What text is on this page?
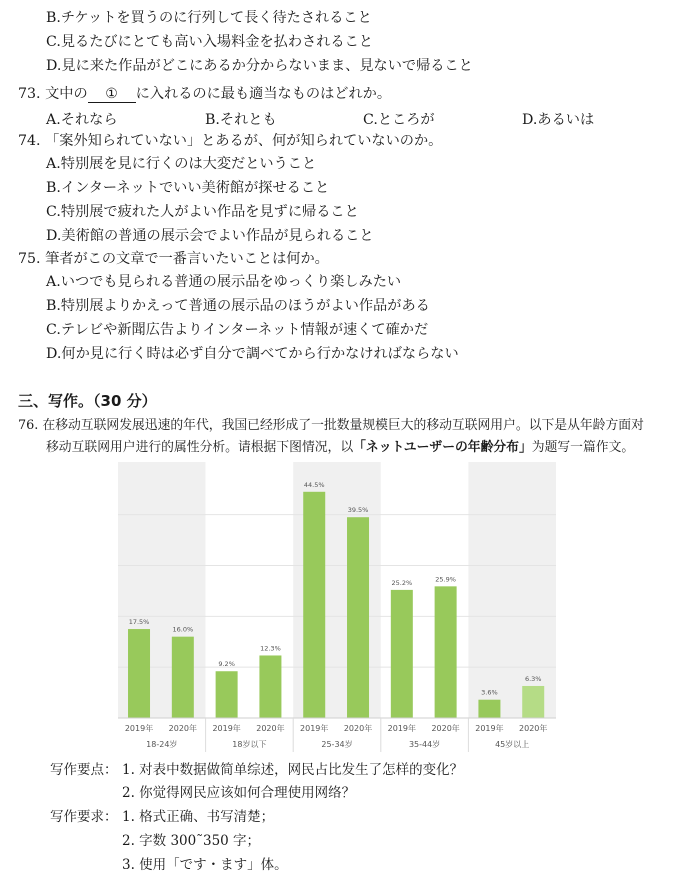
B.チケットを買うのに行列して長く待たされること
C.見るたびにとても高い入場料金を払わされること
D.見に来た作品がどこにあるか分からないまま、見ないで帰ること
73. 文中の ① に入れるのに最も適当なものはどれか。
A.それなら	B.それとも	C.ところが	D.あるいは
74. 「案外知られていない」とあるが、何が知られていないのか。
A.特別展を見に行くのは大変だということ
B.インターネットでいい美術館が探せること
C.特別展で疲れた人がよい作品を見ずに帰ること
D.美術館の普通の展示会でよい作品が見られること
75. 筆者がこの文章で一番言いたいことは何か。
A.いつでも見られる普通の展示品をゆっくり楽しみたい
B.特別展よりかえって普通の展示品のほうがよい作品がある
C.テレビや新聞広告よりインターネット情報が速くて確かだ
D.何か見に行く時は必ず自分で調べてから行かなければならない
三、写作。（30 分）
76. 在移动互联网发展迅速的年代，我国已经形成了一批数量规模巨大的移动互联网用户。以下是从年龄方面对
移动互联网用户进行的属性分析。请根据下图情况，以「ネットユーザーの年齢分布」为题写一篇作文。
17.5%
2019年
16.0%
2020年
18-24岁
9.2%
2019年
12.3%
2020年
18岁以下
44.5%
2019年
39.5%
2020年
25-34岁
25.2%
2019年
25.9%
2020年
35-44岁
3.6%
2019年
6.3%
2020年
45岁以上
写作要点： 1. 对表中数据做简单综述，网民占比发生了怎样的变化？
2. 你觉得网民应该如何合理使用网络？
写作要求： 1. 格式正确、书写清楚；
2. 字数 300˜350 字；
3. 使用「です・ます」体。
